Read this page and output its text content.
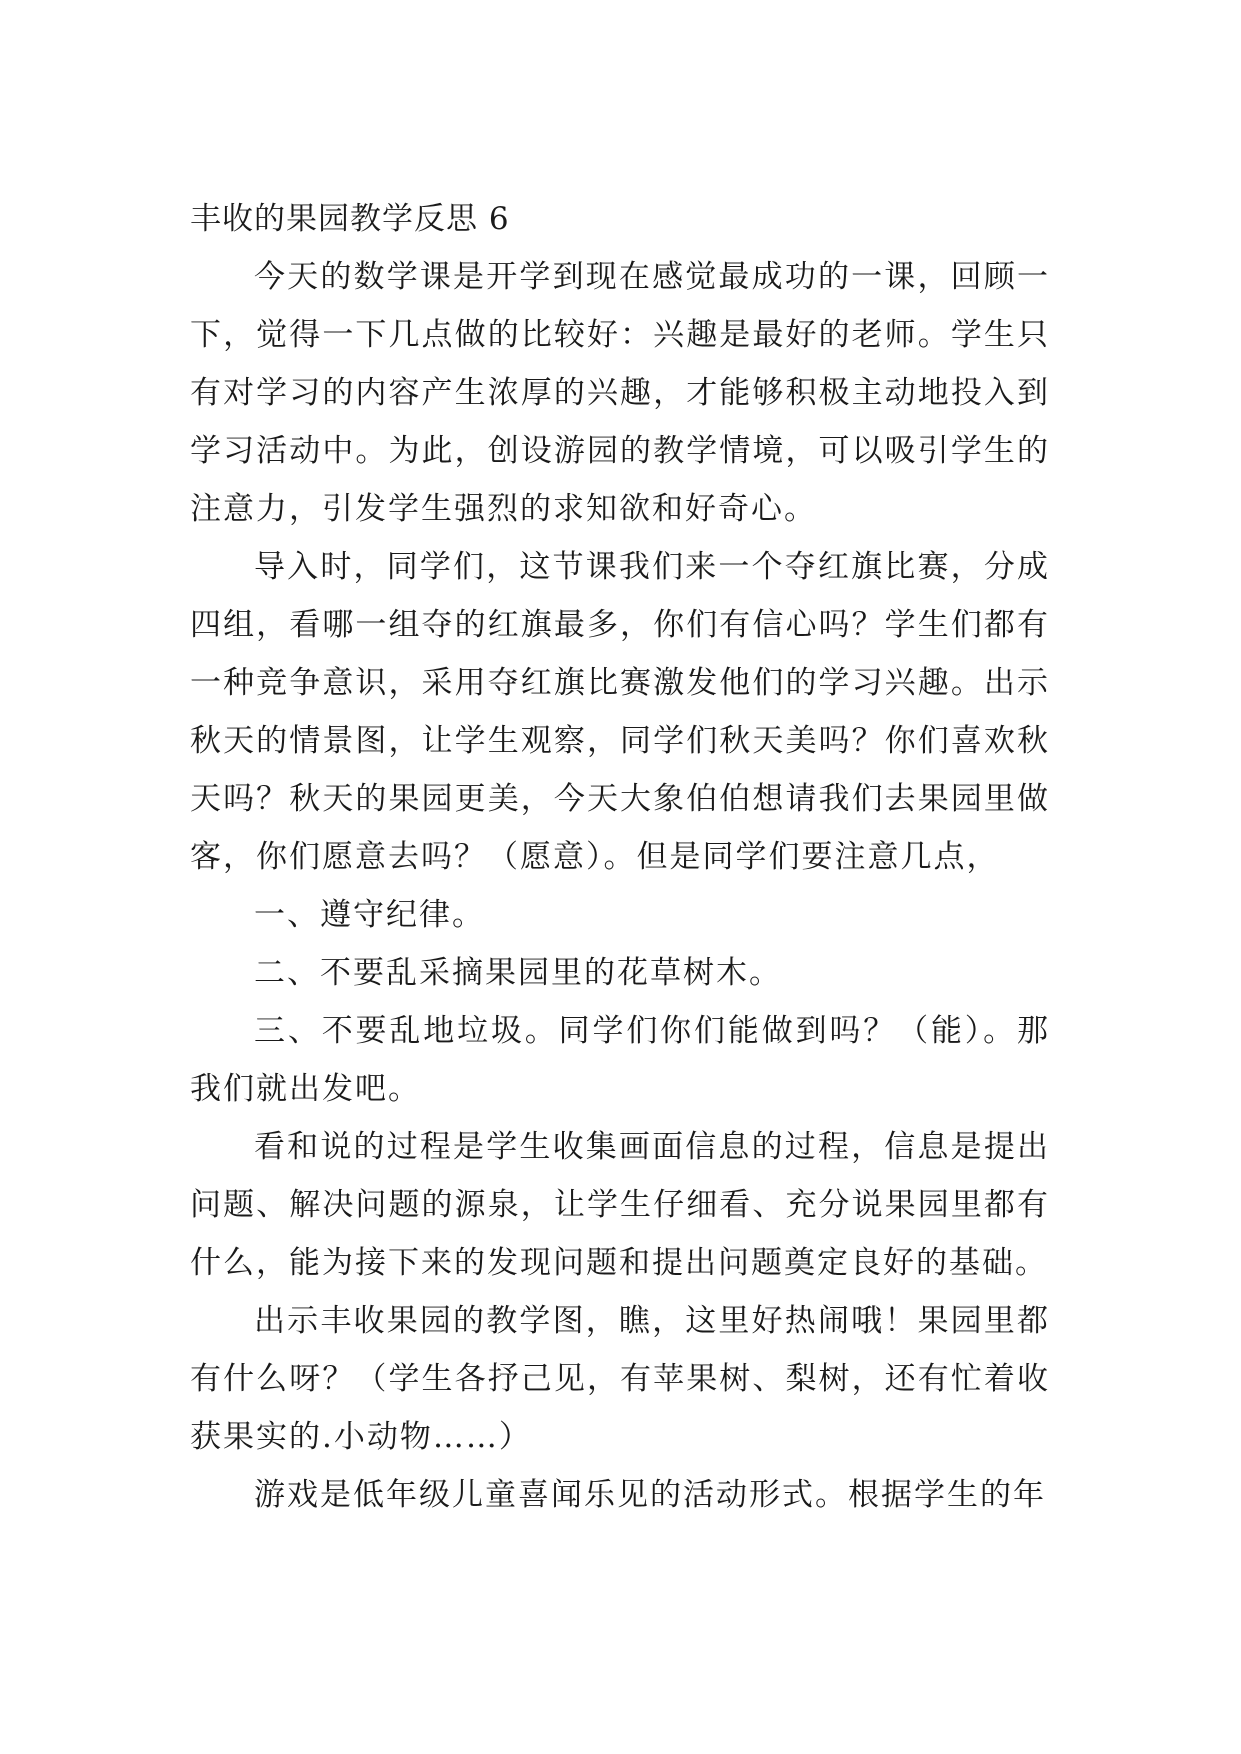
丰收的果园教学反思 6

今天的数学课是开学到现在感觉最成功的一课，回顾一下，觉得一下几点做的比较好：兴趣是最好的老师。学生只有对学习的内容产生浓厚的兴趣，才能够积极主动地投入到学习活动中。为此，创设游园的教学情境，可以吸引学生的注意力，引发学生强烈的求知欲和好奇心。

导入时，同学们，这节课我们来一个夺红旗比赛，分成四组，看哪一组夺的红旗最多，你们有信心吗？学生们都有一种竞争意识，采用夺红旗比赛激发他们的学习兴趣。出示秋天的情景图，让学生观察，同学们秋天美吗？你们喜欢秋天吗？秋天的果园更美，今天大象伯伯想请我们去果园里做客，你们愿意去吗？（愿意）。但是同学们要注意几点，

一、遵守纪律。

二、不要乱采摘果园里的花草树木。

三、不要乱地垃圾。同学们你们能做到吗？（能）。那我们就出发吧。

看和说的过程是学生收集画面信息的过程，信息是提出问题、解决问题的源泉，让学生仔细看、充分说果园里都有什么，能为接下来的发现问题和提出问题奠定良好的基础。

出示丰收果园的教学图，瞧，这里好热闹哦！果园里都有什么呀？（学生各抒己见，有苹果树、梨树，还有忙着收获果实的.小动物……）

游戏是低年级儿童喜闻乐见的活动形式。根据学生的年
